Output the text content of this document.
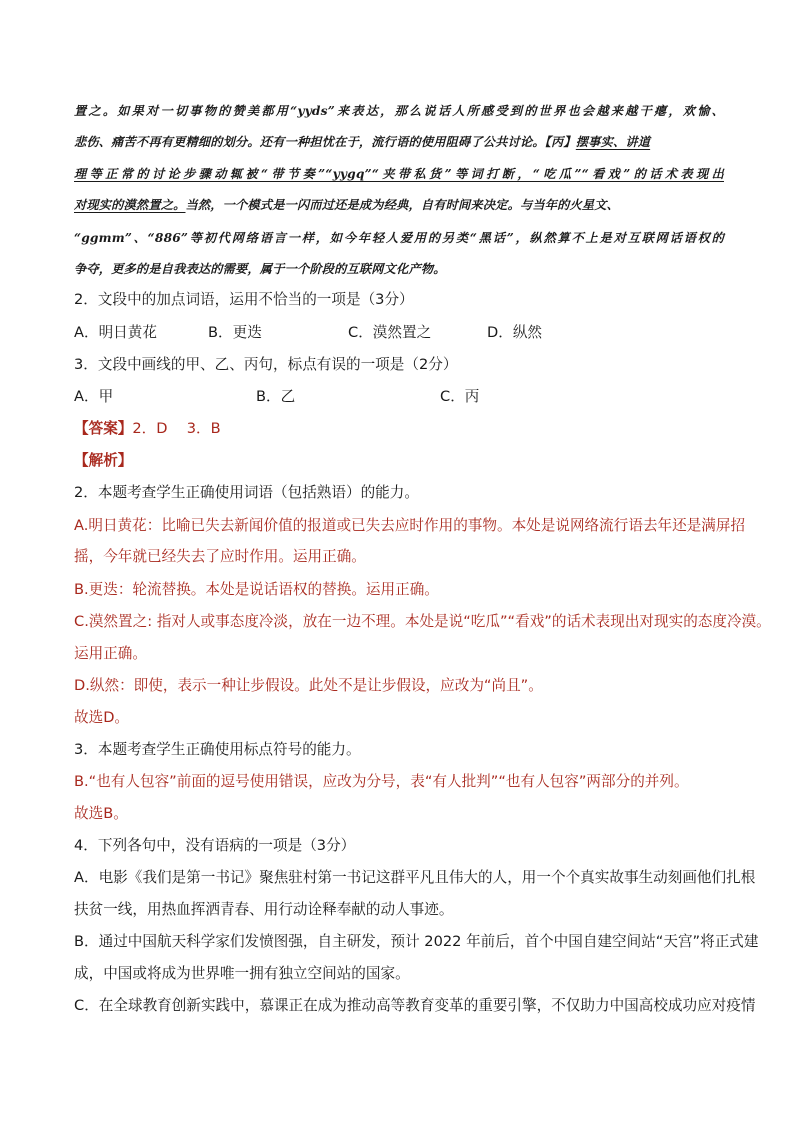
置之。如果对一切事物的赞美都用“yyds”来表达，那么说话人所感受到的世界也会越来越干瘪，欢愉、
悲伤、痛苦不再有更精细的划分。还有一种担忧在于，流行语的使用阻碍了公共讨论。【丙】摆事实、讲道
理等正常的讨论步骤动辄被“带节奏”“yygq”“夹带私货”等词打断，“吃瓜”“看戏”的话术表现出
对现实的漠然置之。当然，一个模式是一闪而过还是成为经典，自有时间来决定。与当年的火星文、
“ggmm”、“886”等初代网络语言一样，如今年轻人爱用的另类“黑话”，纵然算不上是对互联网话语权的
争夺，更多的是自我表达的需要，属于一个阶段的互联网文化产物。
2．文段中的加点词语，运用不恰当的一项是（3分）
A．明日黄花	B．更迭	C．漠然置之	D．纵然
3．文段中画线的甲、乙、丙句，标点有误的一项是（2分）
A．甲	B．乙	C．丙
【答案】2．D　 3．B
【解析】
2．本题考查学生正确使用词语（包括熟语）的能力。
A.明日黄花：比喻已失去新闻价值的报道或已失去应时作用的事物。本处是说网络流行语去年还是满屏招
摇，今年就已经失去了应时作用。运用正确。
B.更迭：轮流替换。本处是说话语权的替换。运用正确。
C.漠然置之: 指对人或事态度冷淡，放在一边不理。本处是说“吃瓜”“看戏”的话术表现出对现实的态度冷漠。
运用正确。
D.纵然：即使，表示一种让步假设。此处不是让步假设，应改为“尚且”。
故选D。
3．本题考查学生正确使用标点符号的能力。
B.“也有人包容”前面的逗号使用错误，应改为分号，表“有人批判”“也有人包容”两部分的并列。
故选B。
4．下列各句中，没有语病的一项是（3分）
A．电影《我们是第一书记》聚焦驻村第一书记这群平凡且伟大的人，用一个个真实故事生动刻画他们扎根
扶贫一线，用热血挥洒青春、用行动诠释奉献的动人事迹。
B．通过中国航天科学家们发愤图强，自主研发，预计 2022 年前后，首个中国自建空间站“天宫”将正式建
成，中国或将成为世界唯一拥有独立空间站的国家。
C．在全球教育创新实践中，慕课正在成为推动高等教育变革的重要引擎，不仅助力中国高校成功应对疫情
